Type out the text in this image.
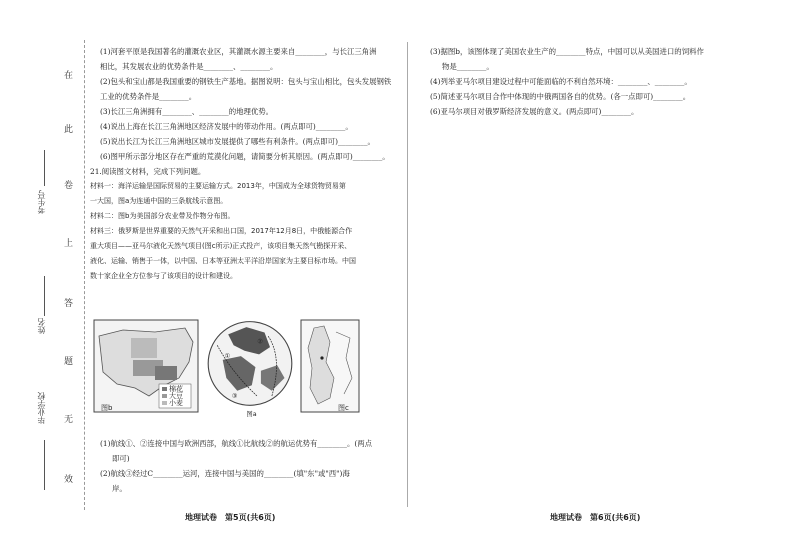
在
此
卷
上
答
题
无
效
考生号
姓名
毕业学校

(1)河套平原是我国著名的灌溉农业区，其灌溉水源主要来自________，与长江三角洲

相比，其发展农业的优势条件是________、________。

(2)包头和宝山都是我国重要的钢铁生产基地。据图说明：包头与宝山相比，包头发展钢铁

工业的优势条件是________。

(3)长江三角洲拥有________、________的地理优势。

(4)说出上海在长江三角洲地区经济发展中的带动作用。(两点即可)________。

(5)说出长江为长江三角洲地区城市发展提供了哪些有利条件。(两点即可)________。

(6)图甲所示部分地区存在严重的荒漠化问题，请简要分析其原因。(两点即可)________。

21.阅读图文材料，完成下列问题。

材料一：海洋运输是国际贸易的主要运输方式。2013年，中国成为全球货物贸易第

一大国，图a为连通中国的三条航线示意图。

材料二：图b为美国部分农业带及作物分布图。

材料三：俄罗斯是世界重要的天然气开采和出口国，2017年12月8日，中俄能源合作

重大项目——亚马尔液化天然气项目(图c所示)正式投产，该项目集天然气勘探开采、

液化、运输、销售于一体，以中国、日本等亚洲太平洋沿岸国家为主要目标市场。中国

数十家企业全方位参与了该项目的设计和建设。

棉花
大豆
小麦
图b
①
②
③
图a
图c

(1)航线①、②连接中国与欧洲西部，航线①比航线②的航运优势有________。(两点

即可)

(2)航线③经过C________运河，连接中国与美国的________(填"东"或"西")海

岸。

地理试卷　第5页(共6页)

(3)据图b，该图体现了美国农业生产的________特点，中国可以从美国进口的饲料作

物是________。

(4)列举亚马尔项目建设过程中可能面临的不利自然环境：________、________。

(5)简述亚马尔项目合作中体现的中俄两国各自的优势。(各一点即可)________。

(6)亚马尔项目对俄罗斯经济发展的意义。(两点即可)________。

地理试卷　第6页(共6页)
